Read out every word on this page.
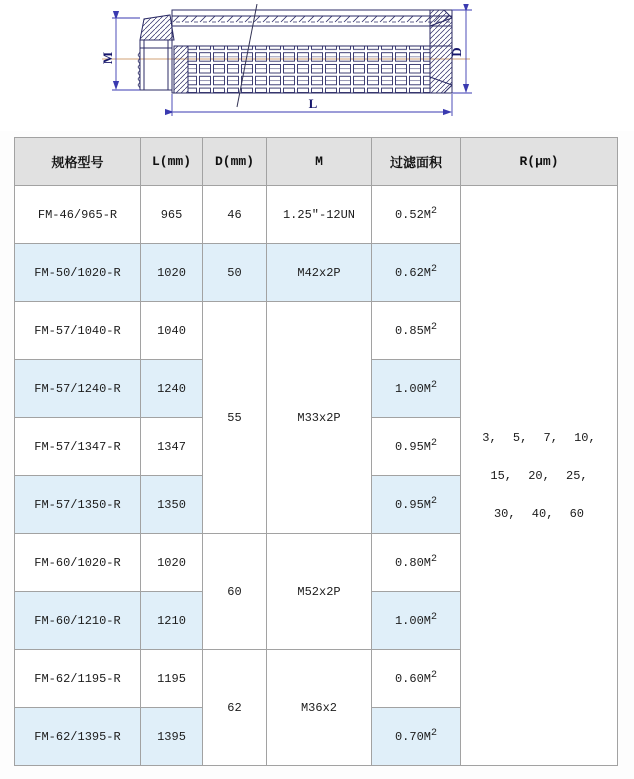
M	D
L
规格型号	L(mm)	D(mm)	M	过滤面积	R(μm)
FM-46/965-R	965	46	1.25″-12UN	$0.52M^2$	3, 5, 7, 10,
15, 20, 25,
30, 40, 60

FM-50/1020-R	1020	50	M42x2P	$0.62M^2$
FM-57/1040-R	1040	55	M33x2P	$0.85M^2$
FM-57/1240-R	1240			$1.00M^2$
FM-57/1347-R	1347			$0.95M^2$
FM-57/1350-R	1350			$0.95M^2$
FM-60/1020-R	1020	60	M52x2P	$0.80M^2$
FM-60/1210-R	1210			$1.00M^2$
FM-62/1195-R	1195	62	M36x2	$0.60M^2$
FM-62/1395-R	1395			$0.70M^2$
